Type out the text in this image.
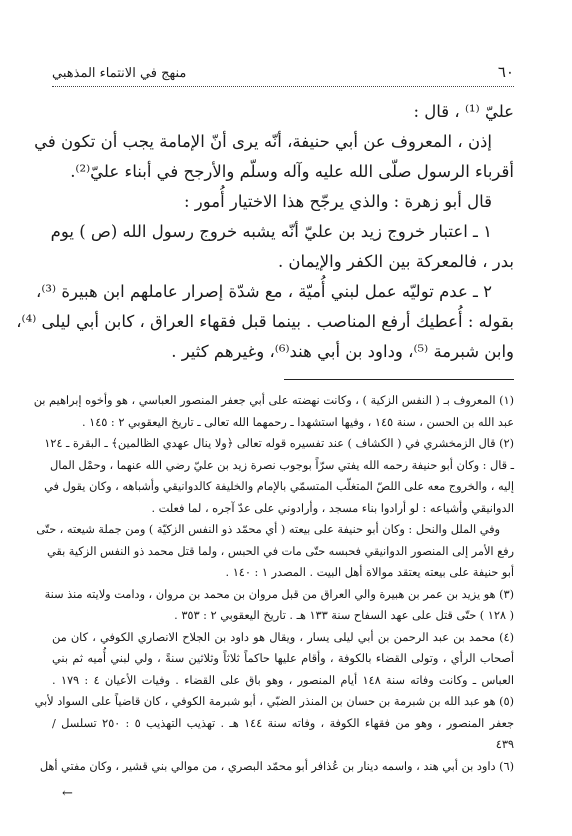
٦٠
منهج في الانتماء المذهبي
عليّ ⁽¹⁾ ، قال :
إذن ، المعروف عن أبي حنيفة، أنّه يرى أنّ الإمامة يجب أن تكون في
أقرباء الرسول صلّى الله عليه وآله وسلّم والأرجح في أبناء عليّ⁽²⁾.
قال أبو زهرة : والذي يرجّح هذا الاختيار أُمور :
١ ـ اعتبار خروج زيد بن عليّ أنّه يشبه خروج رسول الله (ص ) يوم
بدر ، فالمعركة بين الكفر والإيمان .
٢ ـ عدم توليّه عمل لبني أُميّة ، مع شدّة إصرار عاملهم ابن هبيرة ⁽³⁾،
بقوله : أُعطيك أرفع المناصب . بينما قبل فقهاء العراق ، كابن أبي ليلى ⁽⁴⁾،
وابن شبرمة ⁽⁵⁾، وداود بن أبي هند⁽⁶⁾، وغيرهم كثير .
(١) المعروف بـ ( النفس الزكية ) ، وكانت نهضته على أبي جعفر المنصور العباسي ، هو وأخوه إبراهيم بن
عبد الله بن الحسن ، سنة ١٤٥ ، وفيها استشهدا ـ رحمهما الله تعالى ـ تاريخ اليعقوبي ٢ : ١٤٥ .
(٢) قال الزمخشري في ( الكشاف ) عند تفسيره قوله تعالى ﴿ولا ينال عهدي الظالمين﴾ ـ البقرة ـ ١٢٤
ـ قال : وكان أبو حنيفة رحمه الله يفتي سرّاً بوجوب نصرة زيد بن عليّ رضي الله عنهما ، وحمْل المال
إليه ، والخروج معه على اللصّ المتغلّب المتسمّي بالإمام والخليفة كالدوانيقي وأشباهه ، وكان يقول في
الدوانيقي وأشياعه : لو أرادوا بناء مسجد ، وأرادوني على عدّ آجره ، لما فعلت .
وفي الملل والنحل : وكان أبو حنيفة على بيعته ( أي محمّد ذو النفس الزكيّة ) ومن جملة شيعته ، حتّى
رفع الأمر إلى المنصور الدوانيقي فحبسه حتّى مات في الحبس ، ولما قتل محمد ذو النفس الزكية بقي
أبو حنيفة على بيعته يعتقد موالاة أهل البيت . المصدر ١ : ١٤٠ .
(٣) هو يزيد بن عمر بن هبيرة والي العراق من قبل مروان بن محمد بن مروان ، ودامت ولايته منذ سنة
( ١٢٨ ) حتّى قتل على عهد السفاح سنة ١٣٣ هـ . تاريخ اليعقوبي ٢ : ٣٥٣ .
(٤) محمد بن عبد الرحمن بن أبي ليلى يسار ، ويقال هو داود بن الجلاح الانصاري الكوفي ، كان من
أصحاب الرأي ، وتولى القضاء بالكوفة ، وأقام عليها حاكماً ثلاثاً وثلاثين سنةً ، ولي لبني أُميه ثم بني
العباس ـ وكانت وفاته سنة ١٤٨ أيام المنصور ، وهو باق على القضاء . وفيات الأعيان ٤ : ١٧٩ .
(٥) هو عبد الله بن شبرمة بن حسان بن المنذر الضبّي ، أبو شبرمة الكوفي ، كان قاضياً على السواد لأبي
جعفر المنصور ، وهو من فقهاء الكوفة ، وفاته سنة ١٤٤ هـ . تهذيب التهذيب ٥ : ٢٥٠ تسلسل /
٤٣٩
(٦) داود بن أبي هند ، واسمه دينار بن عُذافر أبو محمّد البصري ، من موالي بني قشير ، وكان مفتي أهل
←
